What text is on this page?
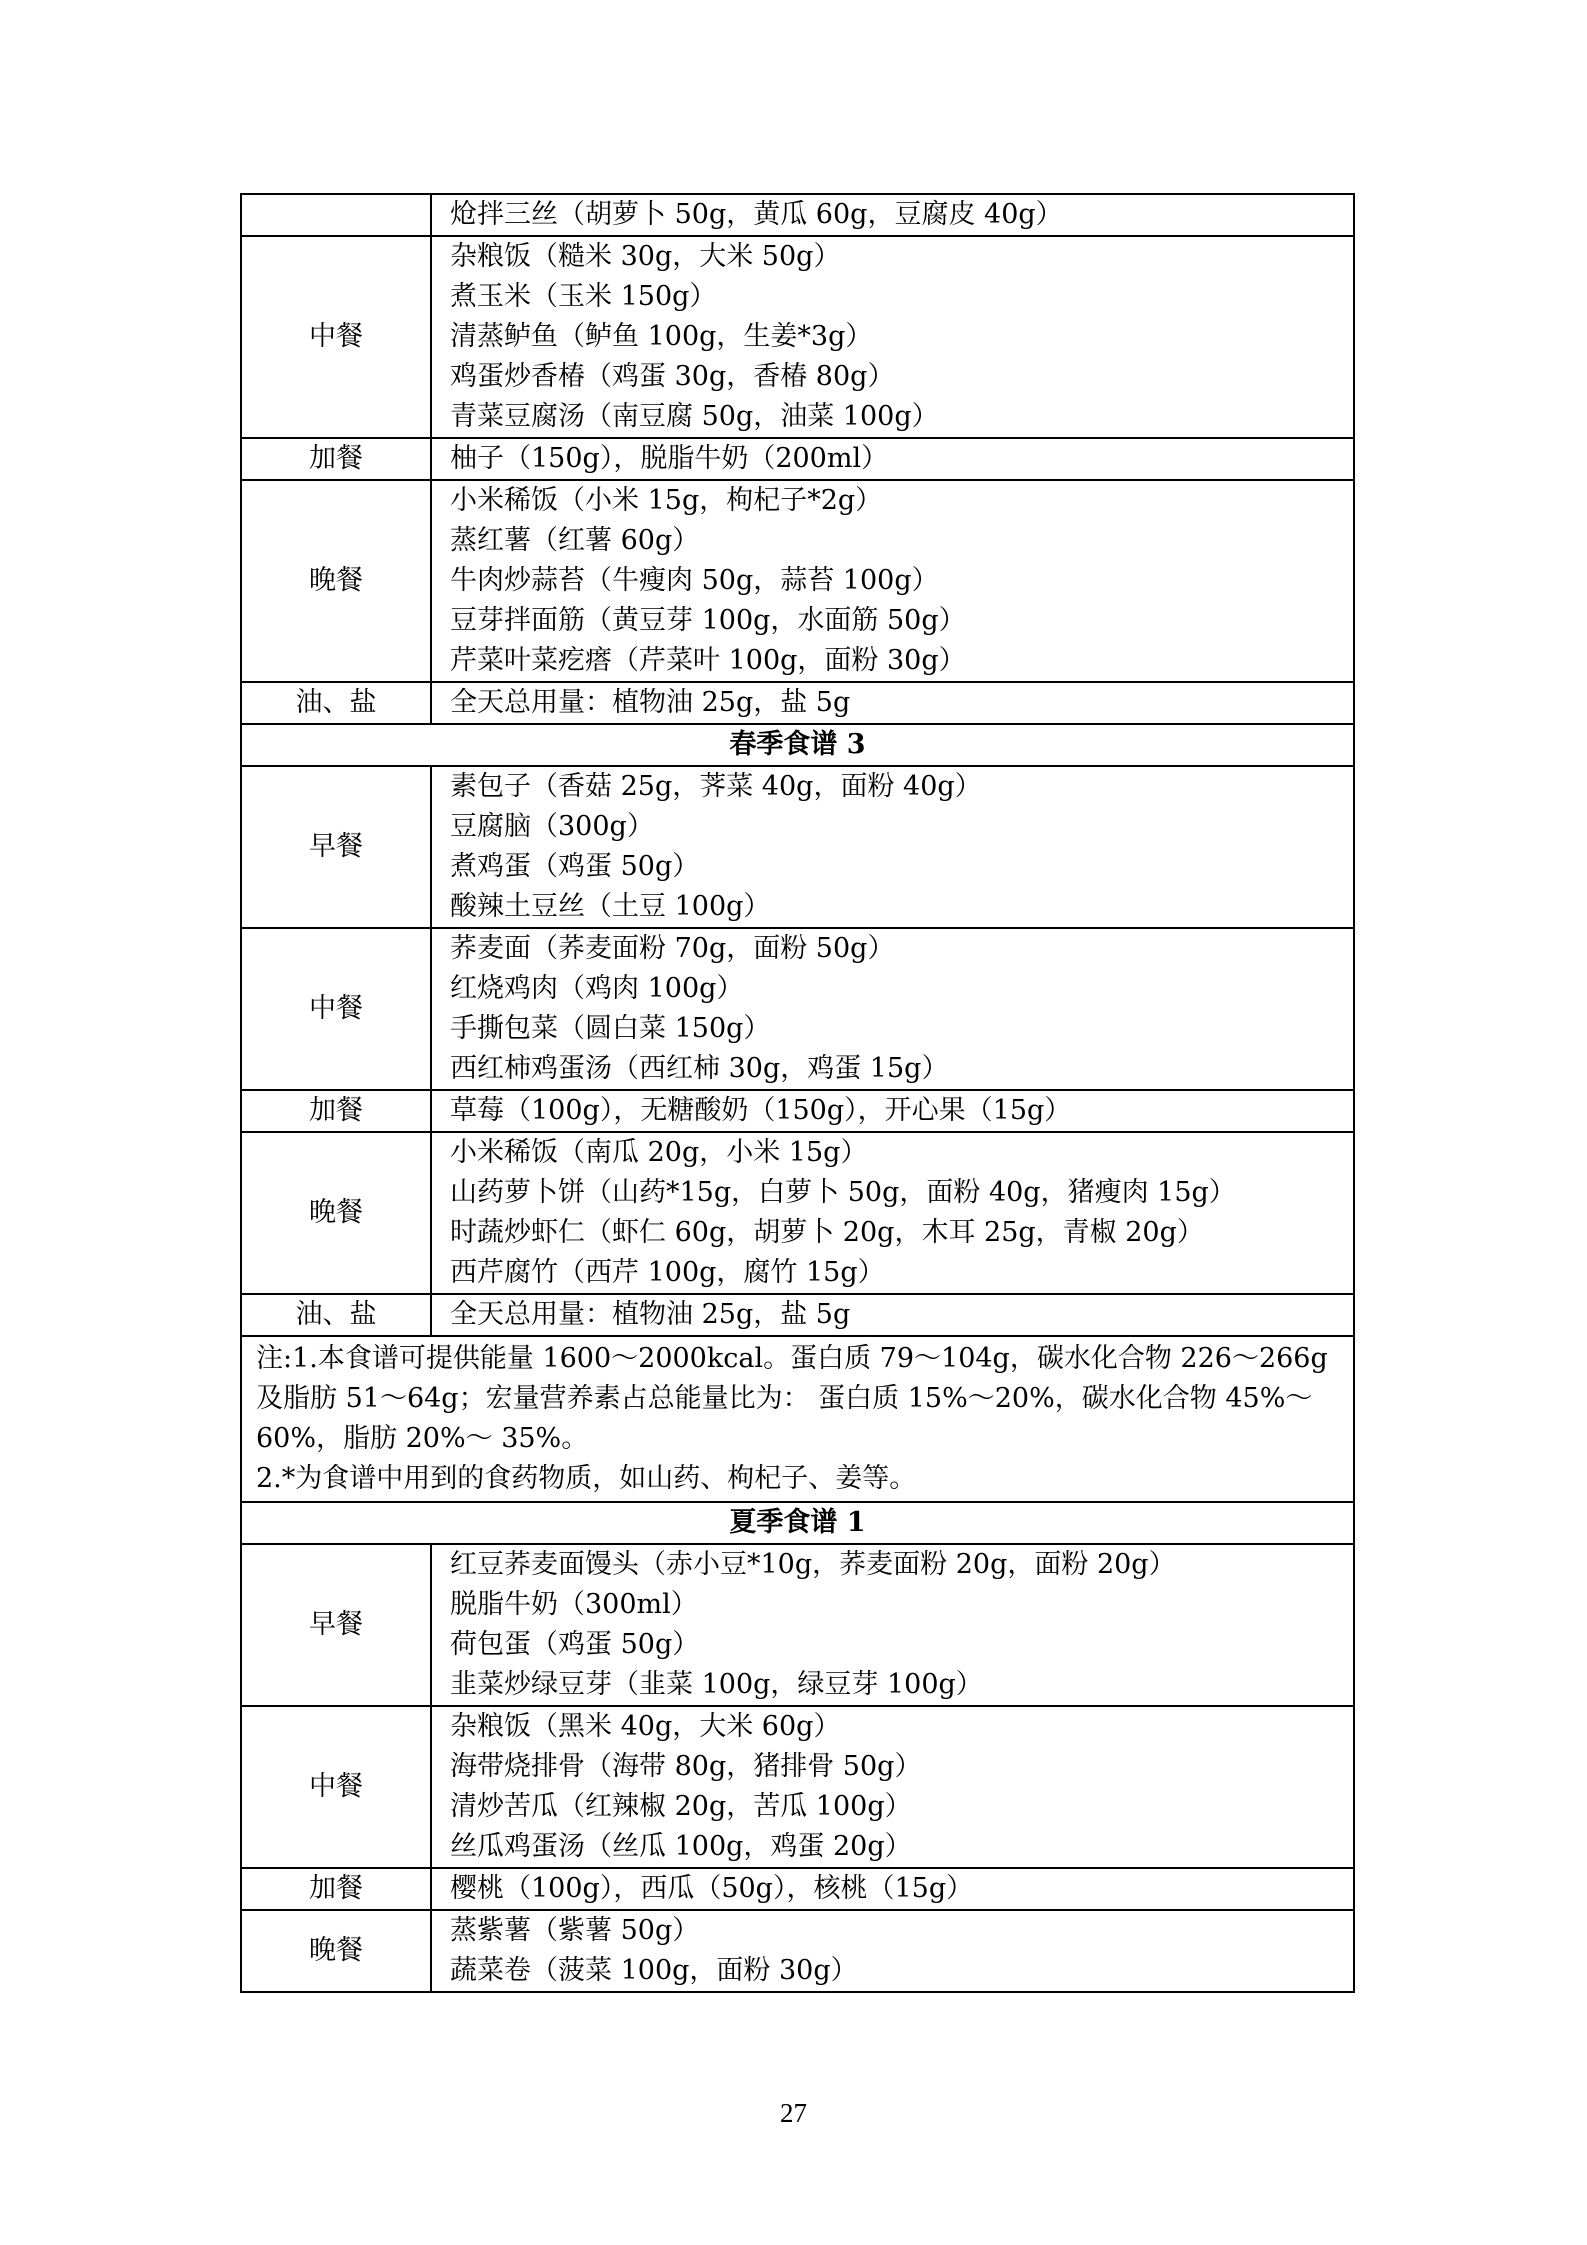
	炝拌三丝（胡萝卜 50g，黄瓜 60g，豆腐皮 40g）

中餐	杂粮饭（糙米 30g，大米 50g）
煮玉米（玉米 150g）
清蒸鲈鱼（鲈鱼 100g，生姜*3g）
鸡蛋炒香椿（鸡蛋 30g，香椿 80g）
青菜豆腐汤（南豆腐 50g，油菜 100g）

加餐	柚子（150g），脱脂牛奶（200ml）

晚餐	小米稀饭（小米 15g，枸杞子*2g）
蒸红薯（红薯 60g）
牛肉炒蒜苔（牛瘦肉 50g，蒜苔 100g）
豆芽拌面筋（黄豆芽 100g，水面筋 50g）
芹菜叶菜疙瘩（芹菜叶 100g，面粉 30g）

油、盐	全天总用量：植物油 25g，盐 5g

春季食谱 3	
早餐	素包子（香菇 25g，荠菜 40g，面粉 40g）
豆腐脑（300g）
煮鸡蛋（鸡蛋 50g）
酸辣土豆丝（土豆 100g）

中餐	荞麦面（荞麦面粉 70g，面粉 50g）
红烧鸡肉（鸡肉 100g）
手撕包菜（圆白菜 150g）
西红柿鸡蛋汤（西红柿 30g，鸡蛋 15g）

加餐	草莓（100g），无糖酸奶（150g），开心果（15g）

晚餐	小米稀饭（南瓜 20g，小米 15g）
山药萝卜饼（山药*15g，白萝卜 50g，面粉 40g，猪瘦肉 15g）
时蔬炒虾仁（虾仁 60g，胡萝卜 20g，木耳 25g，青椒 20g）
西芹腐竹（西芹 100g，腐竹 15g）

油、盐	全天总用量：植物油 25g，盐 5g

注:1.本食谱可提供能量 1600～2000kcal。蛋白质 79～104g，碳水化合物 226～266g 及脂肪 51～64g；宏量营养素占总能量比为： 蛋白质 15%～20%，碳水化合物 45%～ 60%，脂肪 20%～ 35%。
2.*为食谱中用到的食药物质，如山药、枸杞子、姜等。	

夏季食谱 1	
早餐	红豆荞麦面馒头（赤小豆*10g，荞麦面粉 20g，面粉 20g）
脱脂牛奶（300ml）
荷包蛋（鸡蛋 50g）
韭菜炒绿豆芽（韭菜 100g，绿豆芽 100g）

中餐	杂粮饭（黑米 40g，大米 60g）
海带烧排骨（海带 80g，猪排骨 50g）
清炒苦瓜（红辣椒 20g，苦瓜 100g）
丝瓜鸡蛋汤（丝瓜 100g，鸡蛋 20g）

加餐	樱桃（100g），西瓜（50g），核桃（15g）

晚餐	蒸紫薯（紫薯 50g）
蔬菜卷（菠菜 100g，面粉 30g）
27
